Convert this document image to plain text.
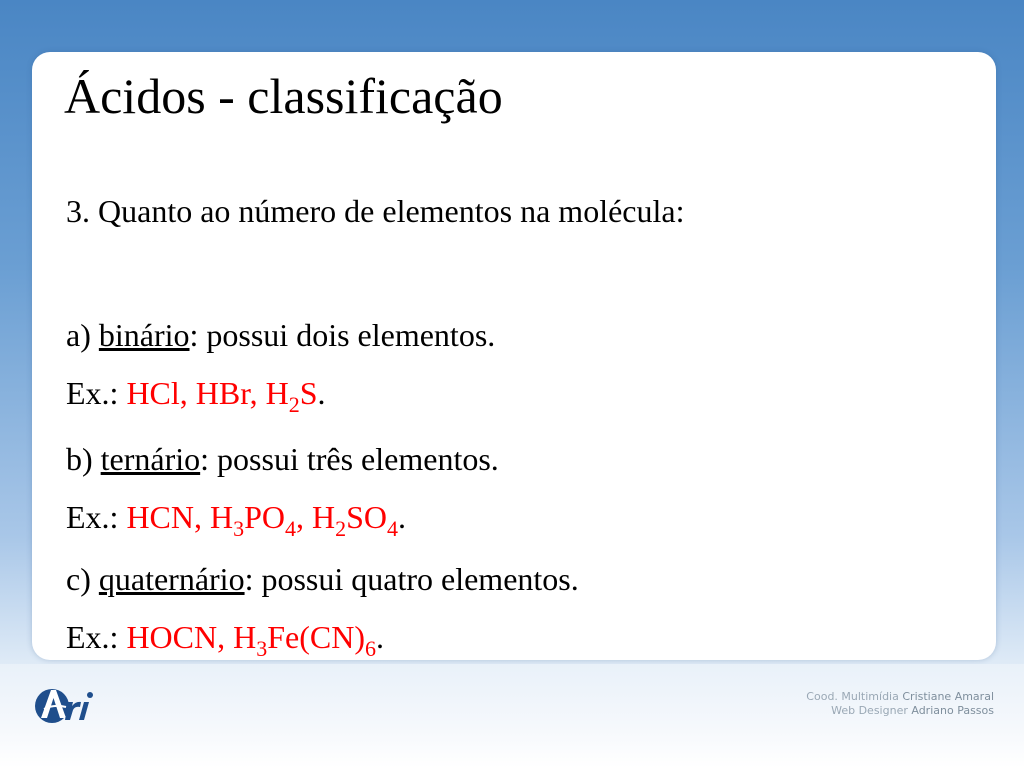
Ácidos - classificação

3. Quanto ao número de elementos na molécula:

a) binário: possui dois elementos.

Ex.: HCl, HBr, $H_2S$.

b) ternário: possui três elementos.

Ex.: HCN, $H_3PO_4$, $H_2SO_4$.

c) quaternário: possui quatro elementos.

Ex.: HOCN, $H_3Fe(CN)_6$.

Cood. Multimídia Cristiane Amaral
Web Designer Adriano Passos
